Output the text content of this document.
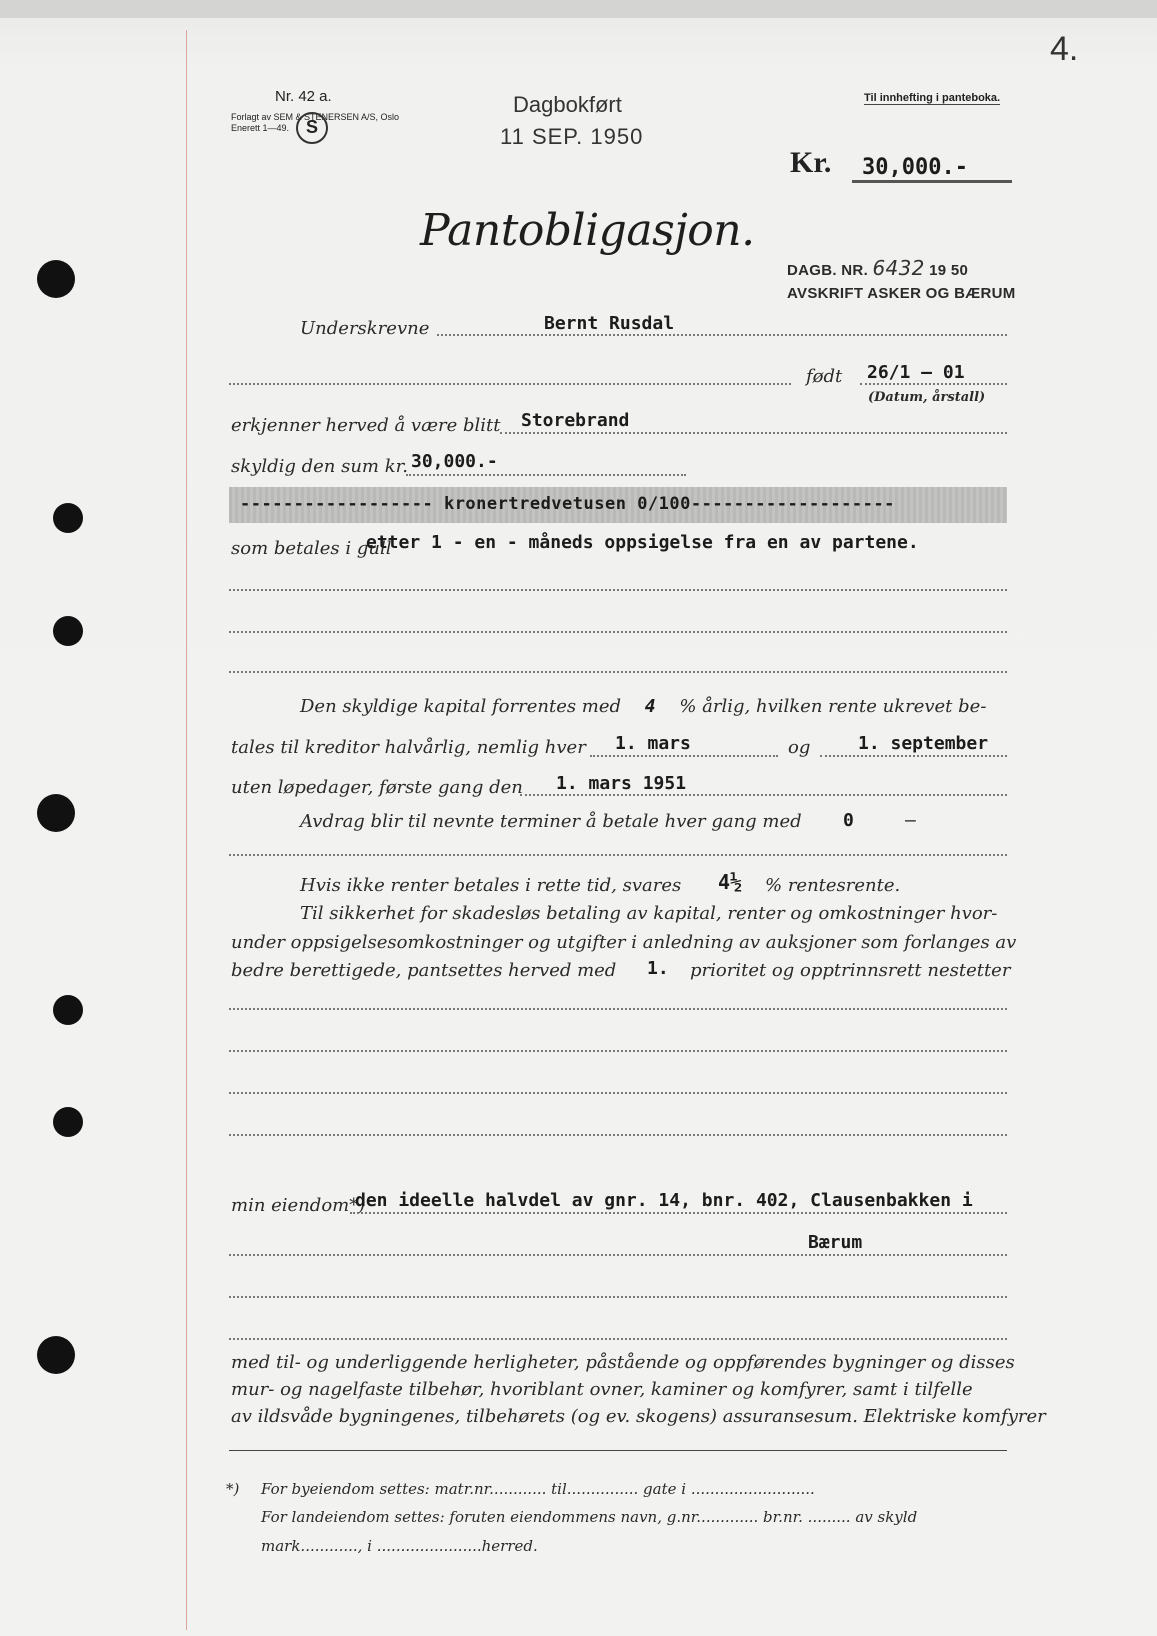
Nr. 42 a.
Forlagt av SEM & STENERSEN A/S, Oslo
Enerett 1—49. S
Dagbokført
11 SEP. 1950
4.
Til innhefting i panteboka.
Kr. 30,000.-
Pantobligasjon.
DAGB. NR. 6432 19 50
AVSKRIFT ASKER OG BÆRUM
Underskrevne	Bernt Rusdal
født 26/1 – 01
(Datum, årstall)
erkjenner herved å være blitt Storebrand
skyldig den sum kr. 30,000.-
------------------ kronertredvetusen 0/100-------------------
som betales i gull
etter 1 - en - måneds oppsigelse fra en av partene.
Den skyldige kapital forrentes med 4 % årlig, hvilken rente ukrevet be-
tales til kreditor halvårlig, nemlig hver 1. mars	og	1. september
uten løpedager, første gang den 1. mars 1951
Avdrag blir til nevnte terminer å betale hver gang med 0	—
Hvis ikke renter betales i rette tid, svares 4½ % rentesrente.
Til sikkerhet for skadesløs betaling av kapital, renter og omkostninger hvor-
under oppsigelsesomkostninger og utgifter i anledning av auksjoner som forlanges av
bedre berettigede, pantsettes herved med 1. prioritet og opptrinnsrett nestetter
min eiendom*)
den ideelle halvdel av gnr. 14, bnr. 402, Clausenbakken i
Bærum
med til- og underliggende herligheter, påstående og oppførendes bygninger og disses
mur- og nagelfaste tilbehør, hvoriblant ovner, kaminer og komfyrer, samt i tilfelle
av ildsvåde bygningenes, tilbehørets (og ev. skogens) assuransesum. Elektriske komfyrer
*) For byeiendom settes: matr.nr............ til............... gate i ..........................
For landeiendom settes: foruten eiendommens navn, g.nr............. br.nr. ......... av skyld
mark............, i ......................herred.
